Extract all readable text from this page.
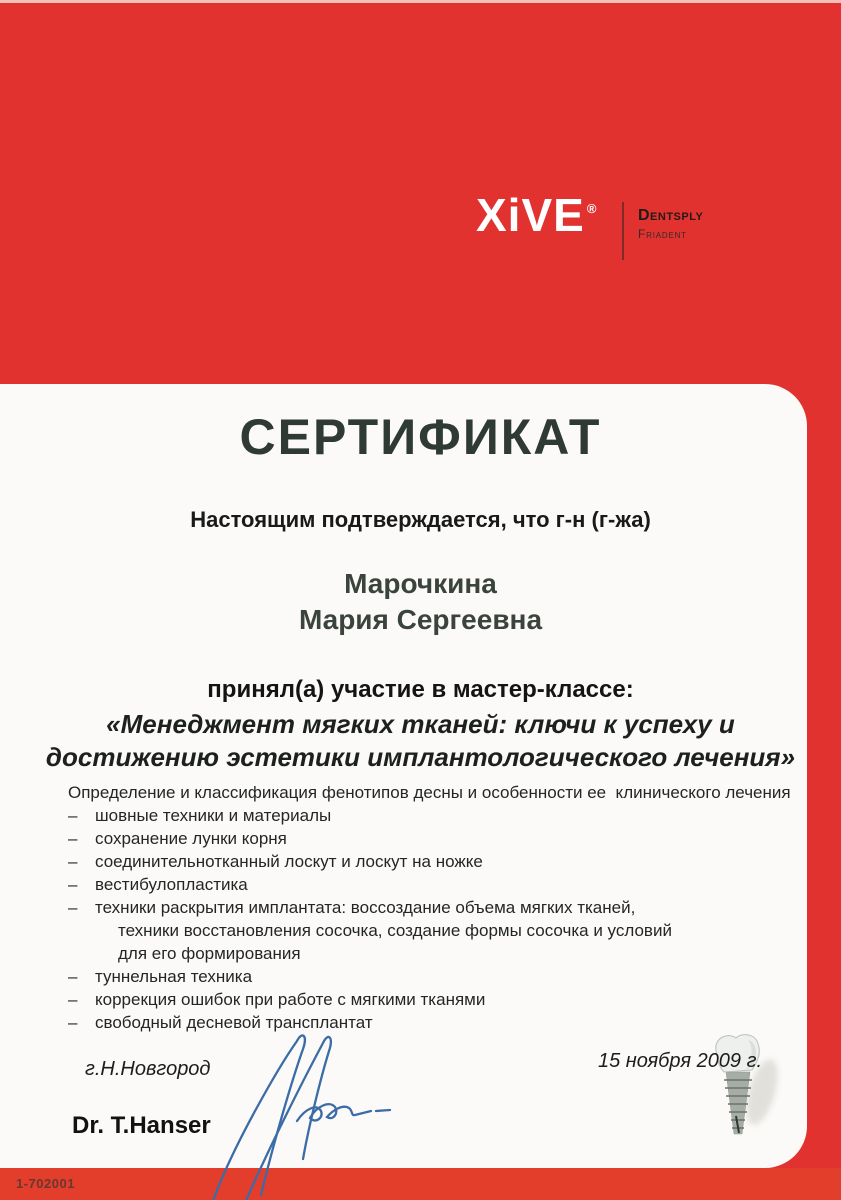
XiVE ®	Dentsply
Friadent
СЕРТИФИКАТ
Настоящим подтверждается, что г-н (г-жа)
Марочкина
Мария Сергеевна
принял(а) участие в мастер-классе:
«Менеджмент мягких тканей: ключи к успеху и
достижению эстетики имплантологического лечения»
Определение и классификация фенотипов десны и особенности ее  клинического лечения
– шовные техники и материалы
– сохранение лунки корня
– соединительнотканный лоскут и лоскут на ножке
– вестибулопластика
– техники раскрытия имплантата: воссоздание объема мягких тканей,
техники восстановления сосочка, создание формы сосочка и условий
для его формирования
– туннельная техника
– коррекция ошибок при работе с мягкими тканями
– свободный десневой трансплантат
г.Н.Новгород
Dr. T.Hanser
15 ноября 2009 г.
1-702001
